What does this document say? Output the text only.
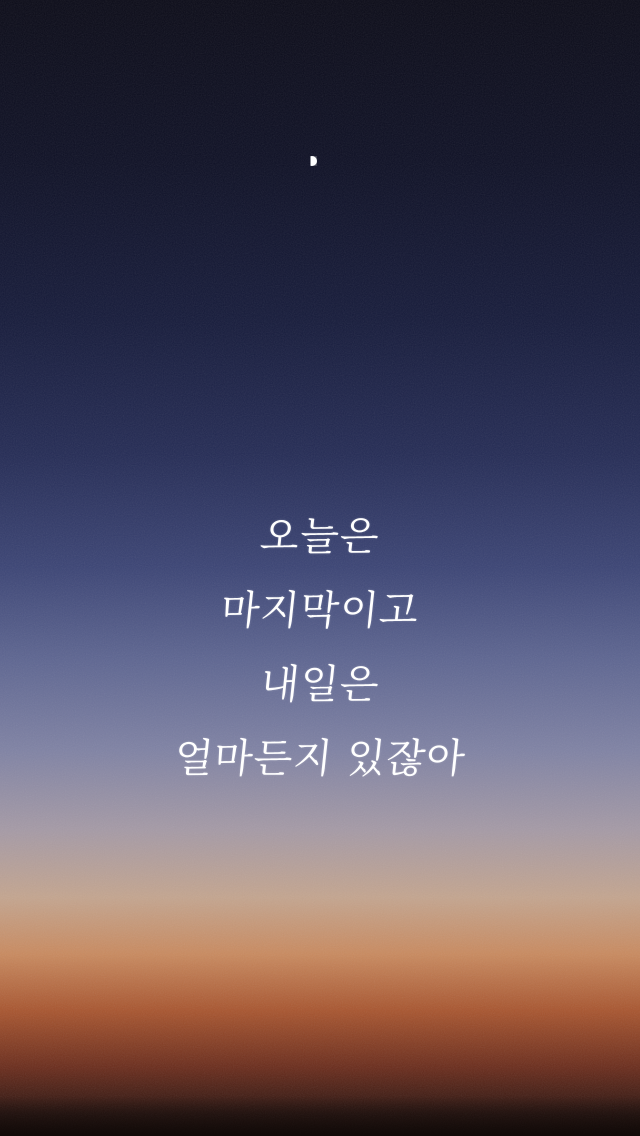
오늘은
마지막이고
내일은
얼마든지 있잖아
